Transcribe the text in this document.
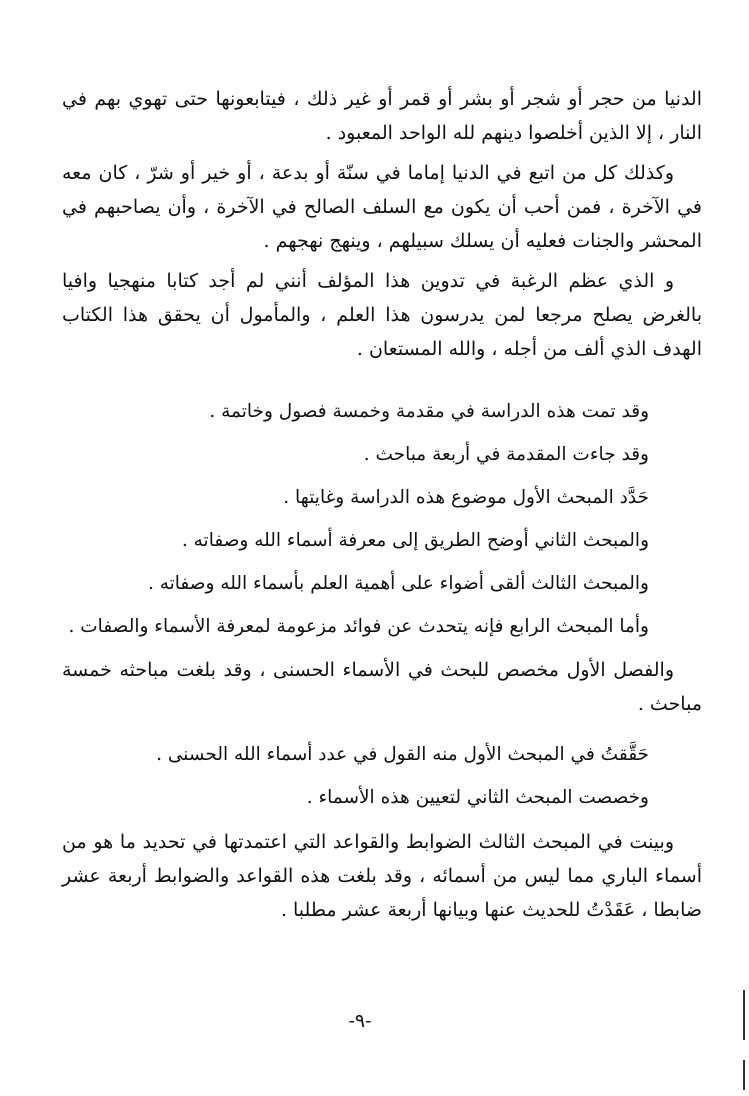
الدنيا من حجر أو شجر أو بشر أو قمر أو غير ذلك ، فيتابعونها حتى تهوي بهم في النار ، إلا الذين أخلصوا دينهم لله الواحد المعبود .

وكذلك كل من اتبع في الدنيا إماما في سنّة أو بدعة ، أو خير أو شرّ ، كان معه في الآخرة ، فمن أحب أن يكون مع السلف الصالح في الآخرة ، وأن يصاحبهم في المحشر والجنات فعليه أن يسلك سبيلهم ، وينهج نهجهم .

و الذي عظم الرغبة في تدوين هذا المؤلف أنني لم أجد كتابا منهجيا وافيا بالغرض يصلح مرجعا لمن يدرسون هذا العلم ، والمأمول أن يحقق هذا الكتاب الهدف الذي ألف من أجله ، والله المستعان .

وقد تمت هذه الدراسة في مقدمة وخمسة فصول وخاتمة .
وقد جاءت المقدمة في أربعة مباحث .
حَدَّد المبحث الأول موضوع هذه الدراسة وغايتها .
والمبحث الثاني أوضح الطريق إلى معرفة أسماء الله وصفاته .
والمبحث الثالث ألقى أضواء على أهمية العلم بأسماء الله وصفاته .
وأما المبحث الرابع فإنه يتحدث عن فوائد مزعومة لمعرفة الأسماء والصفات .

والفصل الأول مخصص للبحث في الأسماء الحسنى ، وقد بلغت مباحثه خمسة مباحث .

حَقَّقتُ في المبحث الأول منه القول في عدد أسماء الله الحسنى .
وخصصت المبحث الثاني لتعيين هذه الأسماء .

وبينت في المبحث الثالث الضوابط والقواعد التي اعتمدتها في تحديد ما هو من أسماء الباري مما ليس من أسمائه ، وقد بلغت هذه القواعد والضوابط أربعة عشر ضابطا ، عَقَدْتُ للحديث عنها وبيانها أربعة عشر مطلبا .

-٩-
